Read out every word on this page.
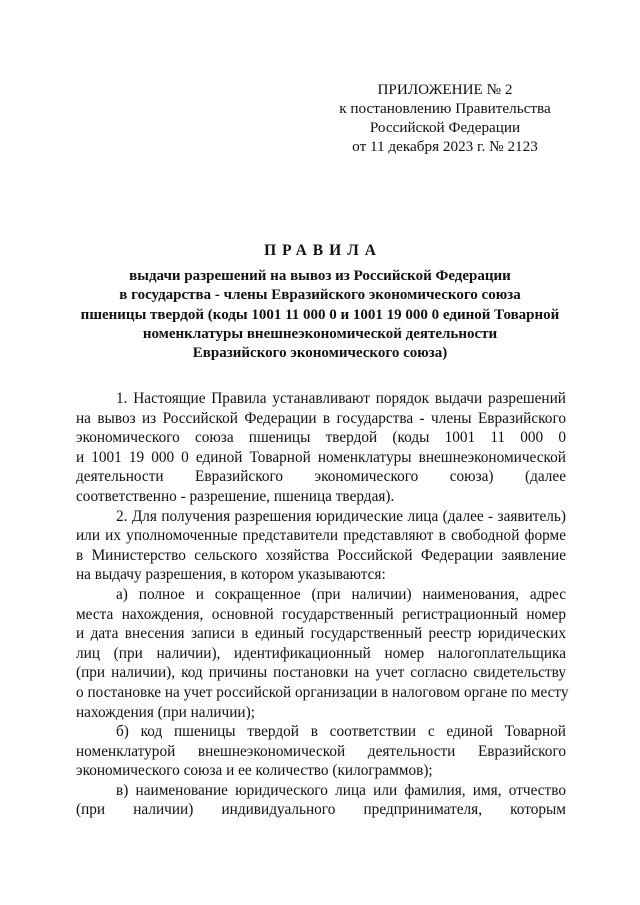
ПРИЛОЖЕНИЕ № 2
к постановлению Правительства
Российской Федерации
от 11 декабря 2023 г. № 2123
ПРАВИЛА
выдачи разрешений на вывоз из Российской Федерации
в государства - члены Евразийского экономического союза
пшеницы твердой (коды 1001 11 000 0 и 1001 19 000 0 единой Товарной
номенклатуры внешнеэкономической деятельности
Евразийского экономического союза)
1. Настоящие Правила устанавливают порядок выдачи разрешений
на вывоз из Российской Федерации в государства - члены Евразийского
экономического союза пшеницы твердой (коды 1001 11 000 0
и 1001 19 000 0 единой Товарной номенклатуры внешнеэкономической
деятельности Евразийского экономического союза) (далее
соответственно - разрешение, пшеница твердая).
2. Для получения разрешения юридические лица (далее - заявитель)
или их уполномоченные представители представляют в свободной форме
в Министерство сельского хозяйства Российской Федерации заявление
на выдачу разрешения, в котором указываются:
а) полное и сокращенное (при наличии) наименования, адрес
места нахождения, основной государственный регистрационный номер
и дата внесения записи в единый государственный реестр юридических
лиц (при наличии), идентификационный номер налогоплательщика
(при наличии), код причины постановки на учет согласно свидетельству
о постановке на учет российской организации в налоговом органе по месту
нахождения (при наличии);
б) код пшеницы твердой в соответствии с единой Товарной
номенклатурой внешнеэкономической деятельности Евразийского
экономического союза и ее количество (килограммов);
в) наименование юридического лица или фамилия, имя, отчество
(при наличии) индивидуального предпринимателя, которым
